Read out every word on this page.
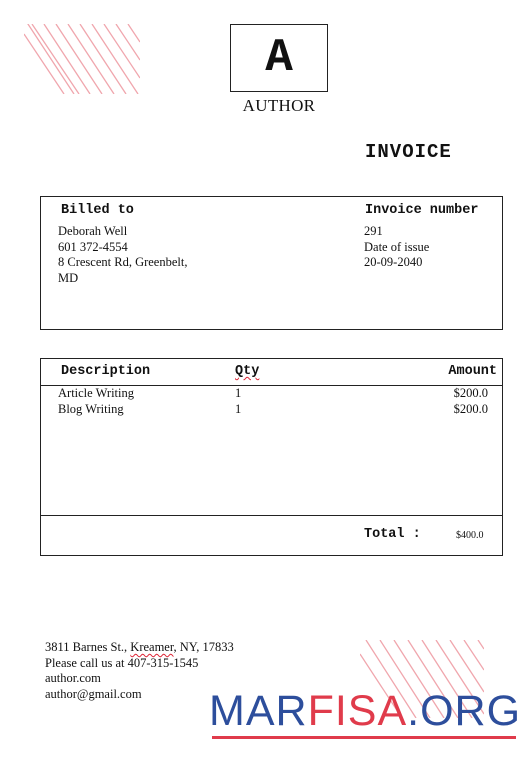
A
AUTHOR
INVOICE
Billed to
Deborah Well
601 372-4554
8 Crescent Rd, Greenbelt,
MD
Invoice number
291
Date of issue
20-09-2040
Description	Qty	Amount
Article Writing	1	$200.0
Blog Writing	1	$200.0
Total :	$400.0
3811 Barnes St., Kreamer, NY, 17833
Please call us at 407-315-1545
author.com
author@gmail.com	MARFISA.ORG
